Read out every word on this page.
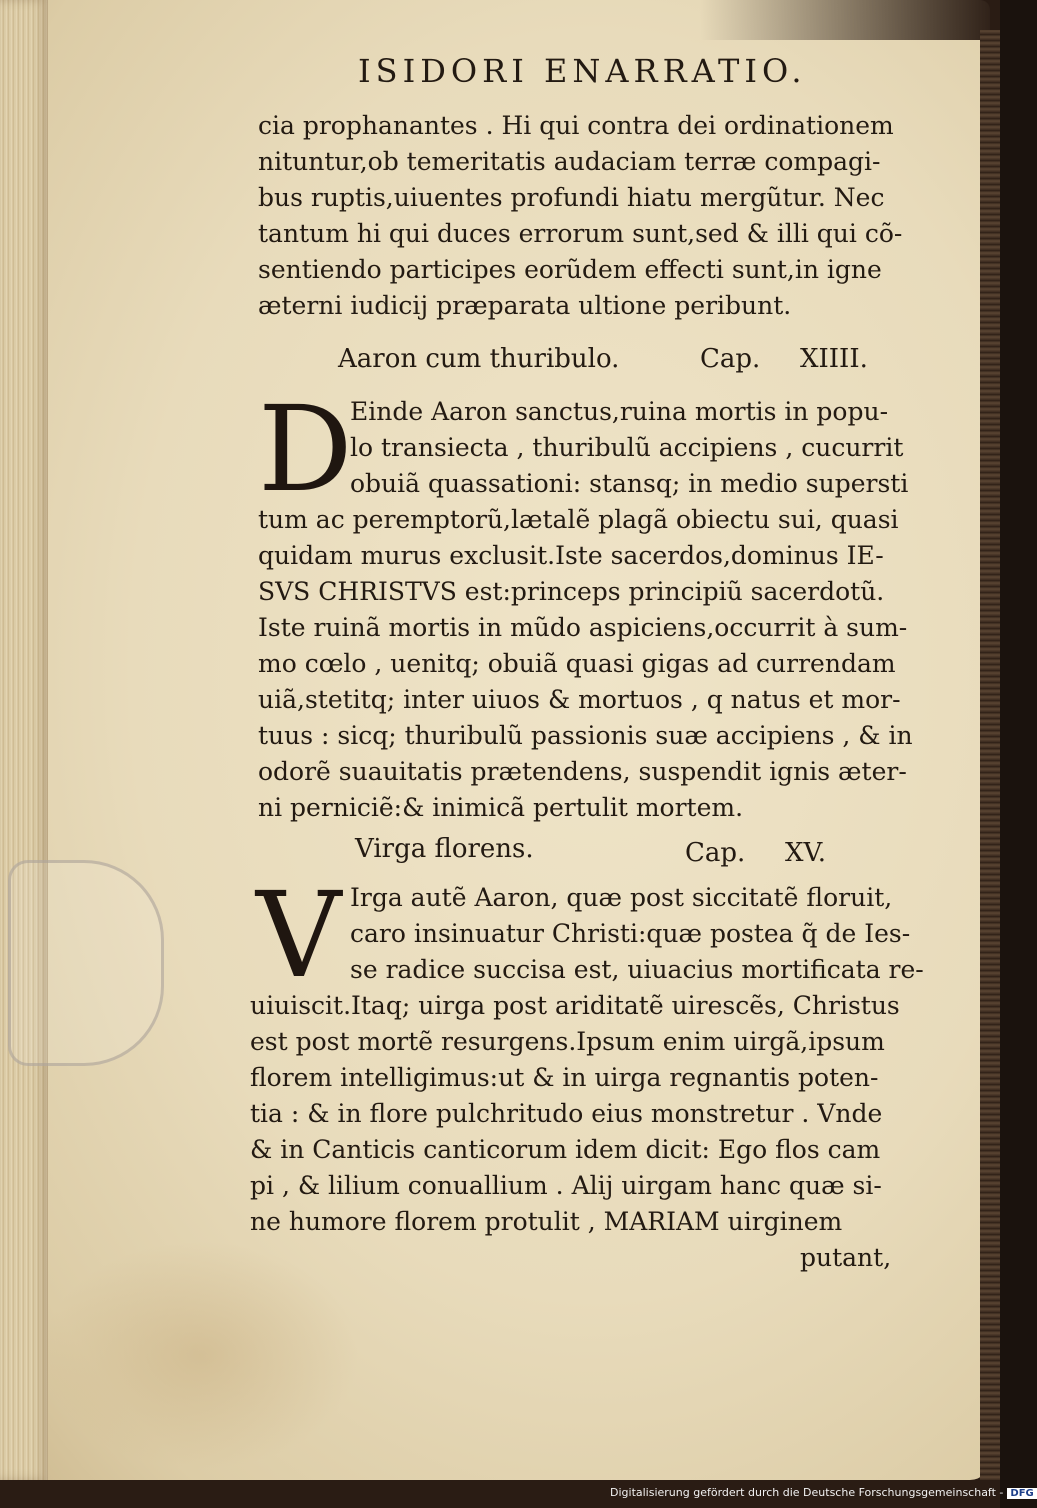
ISIDORI ENARRATIO.
cia prophanantes . Hi qui contra dei ordinationem
nituntur,ob temeritatis audaciam terræ compagi-
bus ruptis,uiuentes profundi hiatu mergũtur. Nec
tantum hi qui duces errorum sunt,sed & illi qui cõ-
sentiendo participes eorũdem effecti sunt,in igne
æterni iudicij præparata ultione peribunt.
Aaron cum thuribulo.	Cap. XIIII.
D
Einde Aaron sanctus,ruina mortis in popu-
lo transiecta , thuribulũ accipiens , cucurrit
obuiã quassationi: stansq; in medio supersti
tum ac peremptorũ,lætalẽ plagã obiectu sui, quasi
quidam murus exclusit.Iste sacerdos,dominus IE-
SVS CHRISTVS est:princeps principiũ sacerdotũ.
Iste ruinã mortis in mũdo aspiciens,occurrit à sum-
mo cœlo , uenitq; obuiã quasi gigas ad currendam
uiã,stetitq; inter uiuos & mortuos , q natus et mor-
tuus : sicq; thuribulũ passionis suæ accipiens , & in
odorẽ suauitatis prætendens, suspendit ignis æter-
ni perniciẽ:& inimicã pertulit mortem.
Virga florens.	Cap. XV.
V Irga autẽ Aaron, quæ post siccitatẽ floruit,
caro insinuatur Christi:quæ postea q̃ de Ies-
se radice succisa est, uiuacius mortificata re-
uiuiscit.Itaq; uirga post ariditatẽ uirescẽs, Christus
est post mortẽ resurgens.Ipsum enim uirgã,ipsum
florem intelligimus:ut & in uirga regnantis poten-
tia : & in flore pulchritudo eius monstretur . Vnde
& in Canticis canticorum idem dicit: Ego flos cam
pi , & lilium conuallium . Alij uirgam hanc quæ si-
ne humore florem protulit , MARIAM uirginem
putant,
Digitalisierung gefördert durch die Deutsche Forschungsgemeinschaft - DFG
